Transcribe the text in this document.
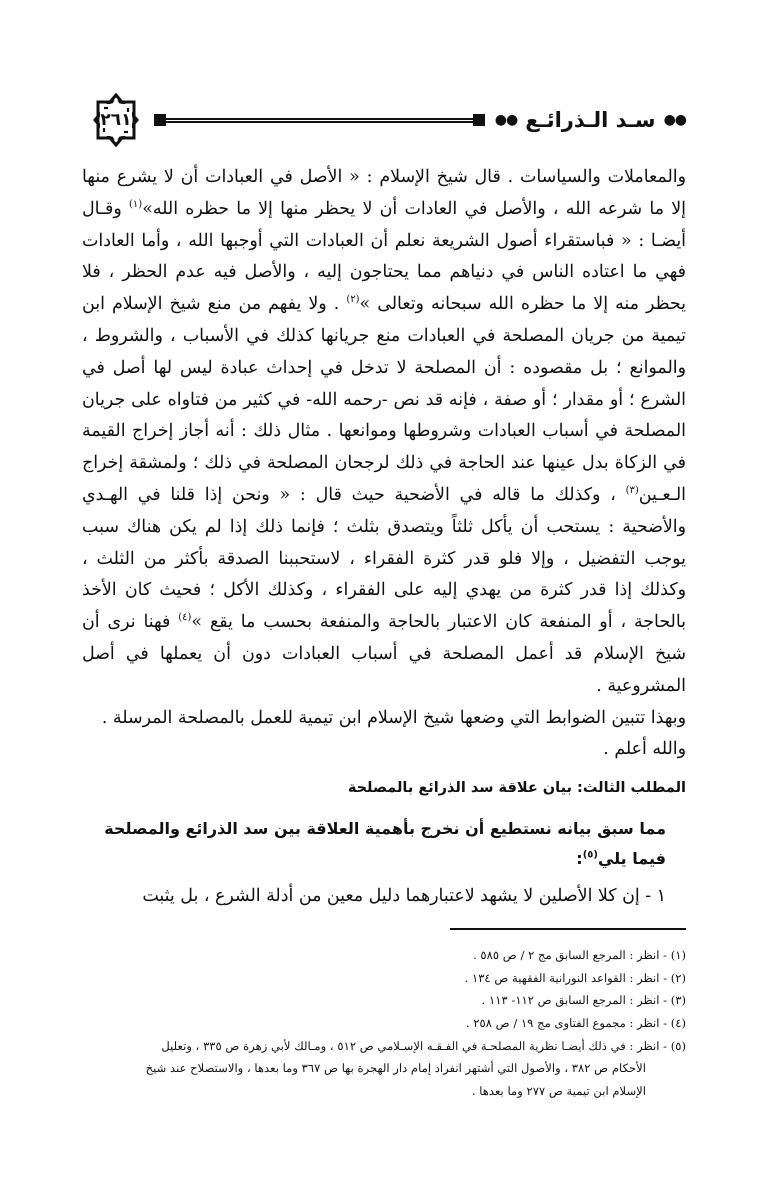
٢٦١	●●
سـد الـذرائـع
●●

والمعاملات والسياسات . قال شيخ الإسلام : « الأصل في العبادات أن لا يشرع منها إلا ما شرعه الله ، والأصل في العادات أن لا يحظر منها إلا ما حظره الله»$^{(١)}$ وقـال أيضـا : « فباستقراء أصول الشريعة نعلم أن العبادات التي أوجبها الله ، وأما العادات فهي ما اعتاده الناس في دنياهم مما يحتاجون إليه ، والأصل فيه عدم الحظر ، فلا يحظر منه إلا ما حظره الله سبحانه وتعالى »$^{(٢)}$ . ولا يفهم من منع شيخ الإسلام ابن تيمية من جريان المصلحة في العبادات منع جريانها كذلك في الأسباب ، والشروط ، والموانع ؛ بل مقصوده : أن المصلحة لا تدخل في إحداث عبادة ليس لها أصل في الشرع ؛ أو مقدار ؛ أو صفة ، فإنه قد نص -رحمه الله- في كثير من فتاواه على جريان المصلحة في أسباب العبادات وشروطها وموانعها . مثال ذلك : أنه أجاز إخراج القيمة في الزكاة بدل عينها عند الحاجة في ذلك لرجحان المصلحة في ذلك ؛ ولمشقة إخراج الـعـين$^{(٣)}$ ، وكذلك ما قاله في الأضحية حيث قال : « ونحن إذا قلنا في الهـدي والأضحية : يستحب أن يأكل ثلثاً ويتصدق بثلث ؛ فإنما ذلك إذا لم يكن هناك سبب يوجب التفضيل ، وإلا فلو قدر كثرة الفقراء ، لاستحببنا الصدقة بأكثر من الثلث ، وكذلك إذا قدر كثرة من يهدي إليه على الفقراء ، وكذلك الأكل ؛ فحيث كان الأخذ بالحاجة ، أو المنفعة كان الاعتبار بالحاجة والمنفعة بحسب ما يقع »$^{(٤)}$ فهنا نرى أن شيخ الإسلام قد أعمل المصلحة في أسباب العبادات دون أن يعملها في أصل المشروعية .

وبهذا تتبين الضوابط التي وضعها شيخ الإسلام ابن تيمية للعمل بالمصلحة المرسلة .

والله أعلم .

المطلب الثالث: بيان علاقة سد الذرائع بالمصلحة
مما سبق بيانه نستطيع أن نخرج بأهمية العلاقة بين سد الذرائع والمصلحة فيما يلي$^{(٥)}$:
١ - إن كلا الأصلين لا يشهد لاعتبارهما دليل معين من أدلة الشرع ، بل يثبت

(١) - انظر : المرجع السابق مج ٢ / ص ٥٨٥ .

(٢) - انظر : القواعد النورانية الفقهية ص ١٣٤ .

(٣) - انظر : المرجع السابق ص ١١٢- ١١٣ .

(٤) - انظر : مجموع الفتاوى مج ١٩ / ص ٢٥٨ .

(٥) - انظر : في ذلك أيضـا نظرية المصلحـة في الفـقـه الإسـلامي ص ٥١٢ ، ومـالك لأبي زهرة ص ٣٣٥ ، وتعليل

الأحكام ص ٣٨٢ ، والأصول التي أشتهر انفراد إمام دار الهجرة بها ص ٣٦٧ وما بعدها ، والاستصلاح عند شيخ

الإسلام ابن تيمية ص ٢٧٧ وما بعدها .
